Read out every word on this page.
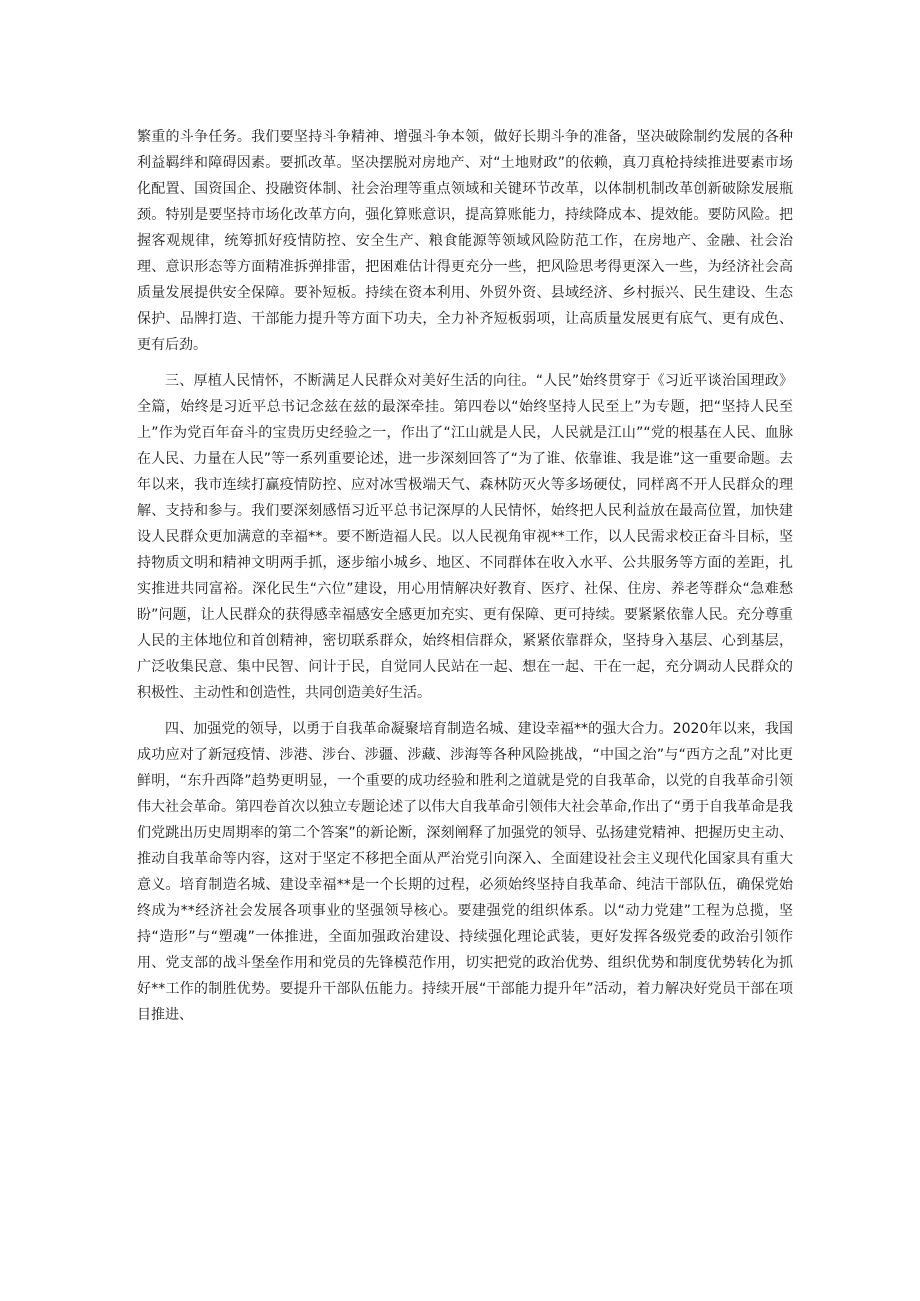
繁重的斗争任务。我们要坚持斗争精神、增强斗争本领，做好长期斗争的准备，坚决破除制约发展的各种利益羁绊和障碍因素。要抓改革。坚决摆脱对房地产、对“土地财政”的依赖，真刀真枪持续推进要素市场化配置、国资国企、投融资体制、社会治理等重点领域和关键环节改革，以体制机制改革创新破除发展瓶颈。特别是要坚持市场化改革方向，强化算账意识，提高算账能力，持续降成本、提效能。要防风险。把握客观规律，统筹抓好疫情防控、安全生产、粮食能源等领域风险防范工作，在房地产、金融、社会治理、意识形态等方面精准拆弹排雷，把困难估计得更充分一些，把风险思考得更深入一些，为经济社会高质量发展提供安全保障。要补短板。持续在资本利用、外贸外资、县域经济、乡村振兴、民生建设、生态保护、品牌打造、干部能力提升等方面下功夫，全力补齐短板弱项，让高质量发展更有底气、更有成色、更有后劲。

三、厚植人民情怀，不断满足人民群众对美好生活的向往。“人民”始终贯穿于《习近平谈治国理政》全篇，始终是习近平总书记念兹在兹的最深牵挂。第四卷以“始终坚持人民至上”为专题，把“坚持人民至上”作为党百年奋斗的宝贵历史经验之一，作出了“江山就是人民，人民就是江山”“党的根基在人民、血脉在人民、力量在人民”等一系列重要论述，进一步深刻回答了“为了谁、依靠谁、我是谁”这一重要命题。去年以来，我市连续打赢疫情防控、应对冰雪极端天气、森林防灭火等多场硬仗，同样离不开人民群众的理解、支持和参与。我们要深刻感悟习近平总书记深厚的人民情怀，始终把人民利益放在最高位置，加快建设人民群众更加满意的幸福**。要不断造福人民。以人民视角审视**工作，以人民需求校正奋斗目标，坚持物质文明和精神文明两手抓，逐步缩小城乡、地区、不同群体在收入水平、公共服务等方面的差距，扎实推进共同富裕。深化民生“六位”建设，用心用情解决好教育、医疗、社保、住房、养老等群众“急难愁盼”问题，让人民群众的获得感幸福感安全感更加充实、更有保障、更可持续。要紧紧依靠人民。充分尊重人民的主体地位和首创精神，密切联系群众，始终相信群众，紧紧依靠群众，坚持身入基层、心到基层，广泛收集民意、集中民智、问计于民，自觉同人民站在一起、想在一起、干在一起，充分调动人民群众的积极性、主动性和创造性，共同创造美好生活。

四、加强党的领导，以勇于自我革命凝聚培育制造名城、建设幸福**的强大合力。2020年以来，我国成功应对了新冠疫情、涉港、涉台、涉疆、涉藏、涉海等各种风险挑战，“中国之治”与“西方之乱”对比更鲜明，“东升西降”趋势更明显，一个重要的成功经验和胜利之道就是党的自我革命，以党的自我革命引领伟大社会革命。第四卷首次以独立专题论述了以伟大自我革命引领伟大社会革命,作出了“勇于自我革命是我们党跳出历史周期率的第二个答案”的新论断，深刻阐释了加强党的领导、弘扬建党精神、把握历史主动、推动自我革命等内容，这对于坚定不移把全面从严治党引向深入、全面建设社会主义现代化国家具有重大意义。培育制造名城、建设幸福**是一个长期的过程，必须始终坚持自我革命、纯洁干部队伍，确保党始终成为**经济社会发展各项事业的坚强领导核心。要建强党的组织体系。以“动力党建”工程为总揽，坚持“造形”与“塑魂”一体推进，全面加强政治建设、持续强化理论武装，更好发挥各级党委的政治引领作用、党支部的战斗堡垒作用和党员的先锋模范作用，切实把党的政治优势、组织优势和制度优势转化为抓好**工作的制胜优势。要提升干部队伍能力。持续开展“干部能力提升年”活动，着力解决好党员干部在项目推进、
